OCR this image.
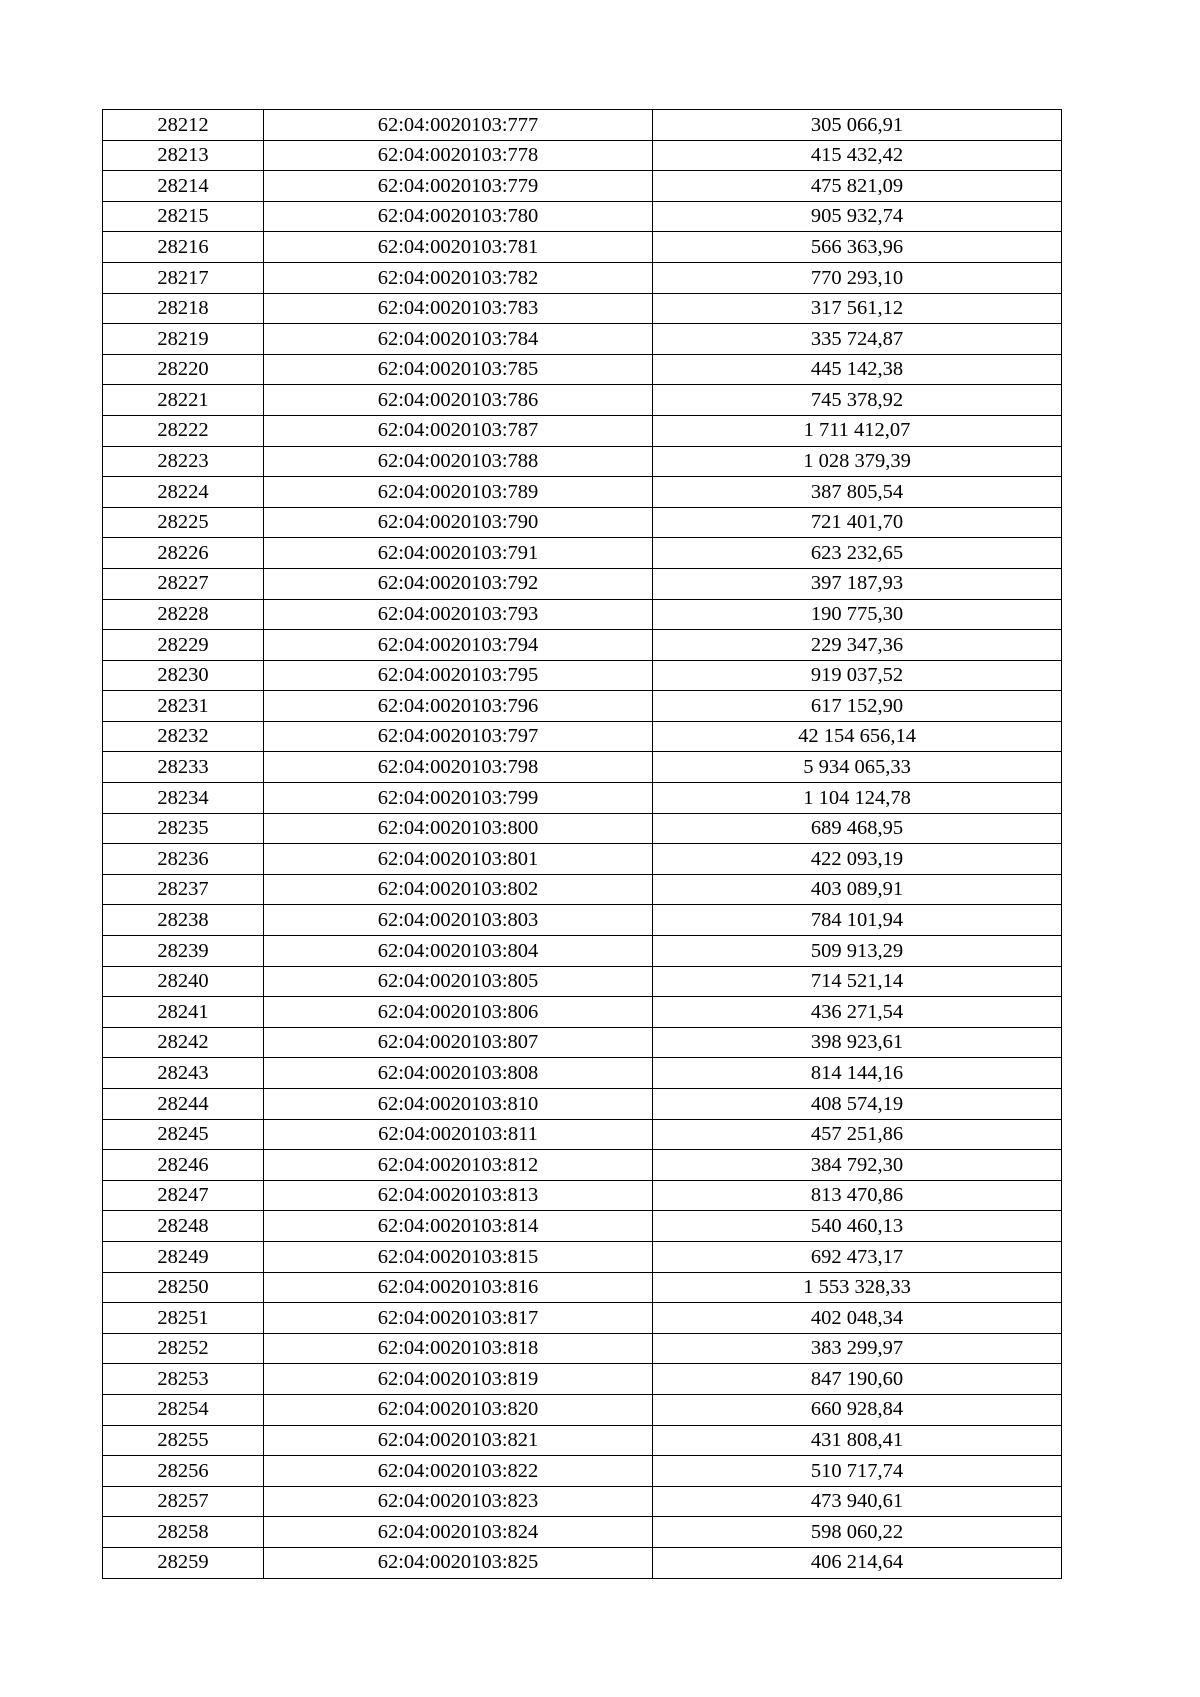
28212	62:04:0020103:777	305 066,91
28213	62:04:0020103:778	415 432,42
28214	62:04:0020103:779	475 821,09
28215	62:04:0020103:780	905 932,74
28216	62:04:0020103:781	566 363,96
28217	62:04:0020103:782	770 293,10
28218	62:04:0020103:783	317 561,12
28219	62:04:0020103:784	335 724,87
28220	62:04:0020103:785	445 142,38
28221	62:04:0020103:786	745 378,92
28222	62:04:0020103:787	1 711 412,07
28223	62:04:0020103:788	1 028 379,39
28224	62:04:0020103:789	387 805,54
28225	62:04:0020103:790	721 401,70
28226	62:04:0020103:791	623 232,65
28227	62:04:0020103:792	397 187,93
28228	62:04:0020103:793	190 775,30
28229	62:04:0020103:794	229 347,36
28230	62:04:0020103:795	919 037,52
28231	62:04:0020103:796	617 152,90
28232	62:04:0020103:797	42 154 656,14
28233	62:04:0020103:798	5 934 065,33
28234	62:04:0020103:799	1 104 124,78
28235	62:04:0020103:800	689 468,95
28236	62:04:0020103:801	422 093,19
28237	62:04:0020103:802	403 089,91
28238	62:04:0020103:803	784 101,94
28239	62:04:0020103:804	509 913,29
28240	62:04:0020103:805	714 521,14
28241	62:04:0020103:806	436 271,54
28242	62:04:0020103:807	398 923,61
28243	62:04:0020103:808	814 144,16
28244	62:04:0020103:810	408 574,19
28245	62:04:0020103:811	457 251,86
28246	62:04:0020103:812	384 792,30
28247	62:04:0020103:813	813 470,86
28248	62:04:0020103:814	540 460,13
28249	62:04:0020103:815	692 473,17
28250	62:04:0020103:816	1 553 328,33
28251	62:04:0020103:817	402 048,34
28252	62:04:0020103:818	383 299,97
28253	62:04:0020103:819	847 190,60
28254	62:04:0020103:820	660 928,84
28255	62:04:0020103:821	431 808,41
28256	62:04:0020103:822	510 717,74
28257	62:04:0020103:823	473 940,61
28258	62:04:0020103:824	598 060,22
28259	62:04:0020103:825	406 214,64
